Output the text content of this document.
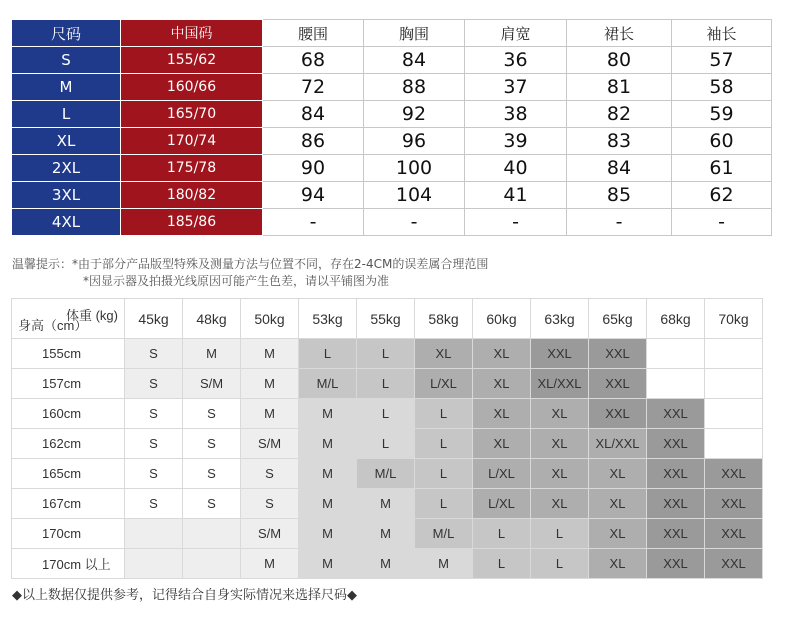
尺码	中国码	腰围	胸围	肩宽	裙长	袖长
S	155/62	68	84	36	80	57
M	160/66	72	88	37	81	58
L	165/70	84	92	38	82	59
XL	170/74	86	96	39	83	60
2XL	175/78	90	100	40	84	61
3XL	180/82	94	104	41	85	62
4XL	185/86	-	-	-	-	-
温馨提示：*由于部分产品版型特殊及测量方法与位置不同，存在2-4CM的误差属合理范围
*因显示器及拍摄光线原因可能产生色差，请以平铺图为准
体重 (kg)
身高（cm）	45kg	48kg	50kg	53kg	55kg	58kg	60kg	63kg	65kg	68kg	70kg
155cm	S	M	M	L	L	XL	XL	XXL	XXL		
157cm	S	S/M	M	M/L	L	L/XL	XL	XL/XXL	XXL		
160cm	S	S	M	M	L	L	XL	XL	XXL	XXL	
162cm	S	S	S/M	M	L	L	XL	XL	XL/XXL	XXL	
165cm	S	S	S	M	M/L	L	L/XL	XL	XL	XXL	XXL
167cm	S	S	S	M	M	L	L/XL	XL	XL	XXL	XXL
170cm			S/M	M	M	M/L	L	L	XL	XXL	XXL
170cm 以上			M	M	M	M	L	L	XL	XXL	XXL
◆以上数据仅提供参考，记得结合自身实际情况来选择尺码◆
